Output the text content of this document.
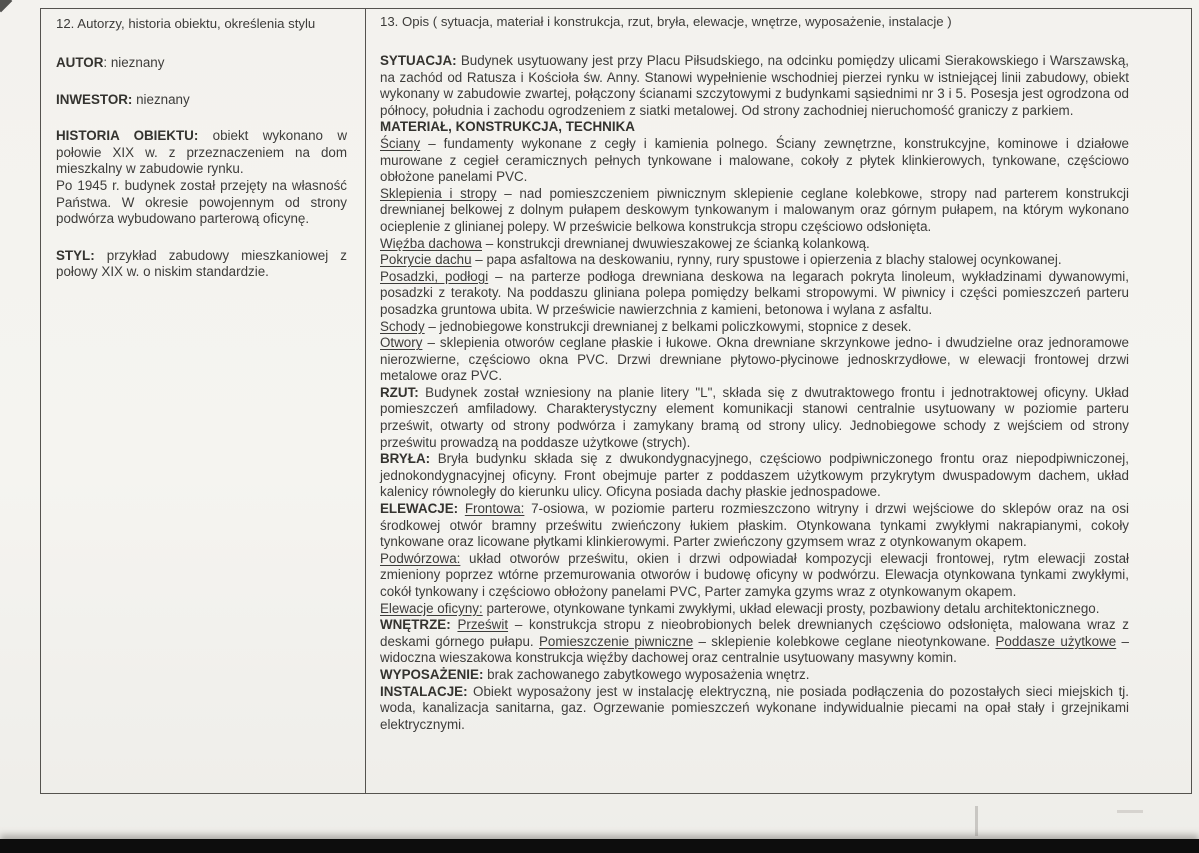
12. Autorzy, historia obiektu, określenia stylu
AUTOR: nieznany
INWESTOR: nieznany
HISTORIA OBIEKTU: obiekt wykonano w połowie XIX w. z przeznaczeniem na dom mieszkalny w zabudowie rynku.
Po 1945 r. budynek został przejęty na własność Państwa. W okresie powojennym od strony podwórza wybudowano parterową oficynę.
STYL: przykład zabudowy mieszkaniowej z połowy XIX w. o niskim standardzie.
13. Opis ( sytuacja, materiał i konstrukcja, rzut, bryła, elewacje, wnętrze, wyposażenie, instalacje )
SYTUACJA: Budynek usytuowany jest przy Placu Piłsudskiego, na odcinku pomiędzy ulicami Sierakowskiego i Warszawską,  na zachód od Ratusza i Kościoła św. Anny. Stanowi wypełnienie wschodniej pierzei rynku w istniejącej linii zabudowy, obiekt wykonany w zabudowie zwartej, połączony ścianami szczytowymi z budynkami sąsiednimi nr 3 i 5. Posesja jest ogrodzona od północy, południa i zachodu ogrodzeniem z siatki metalowej. Od strony zachodniej nieruchomość graniczy z parkiem.
MATERIAŁ, KONSTRUKCJA, TECHNIKA
Ściany – fundamenty wykonane z cegły i kamienia polnego. Ściany zewnętrzne, konstrukcyjne, kominowe i działowe murowane z cegieł ceramicznych pełnych tynkowane i malowane, cokoły z płytek klinkierowych, tynkowane, częściowo obłożone panelami PVC.
Sklepienia i stropy – nad pomieszczeniem piwnicznym sklepienie ceglane kolebkowe, stropy nad parterem konstrukcji drewnianej belkowej z dolnym pułapem deskowym tynkowanym i malowanym oraz górnym pułapem, na którym wykonano ocieplenie z glinianej polepy. W prześwicie belkowa konstrukcja stropu częściowo odsłonięta.
Więźba dachowa – konstrukcji drewnianej dwuwieszakowej ze ścianką kolankową.
Pokrycie dachu – papa asfaltowa na deskowaniu, rynny, rury spustowe i opierzenia z blachy stalowej ocynkowanej.
Posadzki, podłogi – na parterze podłoga drewniana deskowa na legarach pokryta linoleum, wykładzinami dywanowymi, posadzki z terakoty. Na poddaszu gliniana polepa pomiędzy belkami stropowymi. W piwnicy i części pomieszczeń parteru posadzka gruntowa ubita. W prześwicie nawierzchnia z kamieni, betonowa i wylana z asfaltu.
Schody – jednobiegowe konstrukcji drewnianej z belkami policzkowymi, stopnice z desek.
Otwory – sklepienia otworów ceglane płaskie i łukowe. Okna drewniane skrzynkowe jedno- i dwudzielne oraz jednoramowe nierozwierne, częściowo okna PVC. Drzwi drewniane płytowo-płycinowe jednoskrzydłowe, w elewacji frontowej drzwi metalowe oraz PVC.
RZUT: Budynek został wzniesiony na planie litery "L", składa się z dwutraktowego frontu i jednotraktowej oficyny. Układ pomieszczeń amfiladowy. Charakterystyczny element komunikacji stanowi centralnie usytuowany w poziomie parteru prześwit, otwarty od strony podwórza i zamykany bramą od strony ulicy. Jednobiegowe schody z wejściem od strony prześwitu prowadzą na poddasze użytkowe (strych).
BRYŁA: Bryła budynku składa się z dwukondygnacyjnego, częściowo podpiwniczonego frontu oraz niepodpiwniczonej, jednokondygnacyjnej oficyny. Front obejmuje parter z poddaszem użytkowym przykrytym dwuspadowym dachem, układ kalenicy równoległy do kierunku ulicy. Oficyna posiada dachy płaskie jednospadowe.
ELEWACJE: Frontowa: 7-osiowa, w poziomie parteru rozmieszczono witryny i drzwi wejściowe do sklepów oraz na osi środkowej otwór bramny prześwitu zwieńczony łukiem płaskim. Otynkowana tynkami zwykłymi nakrapianymi, cokoły tynkowane oraz licowane płytkami klinkierowymi. Parter zwieńczony gzymsem wraz z otynkowanym okapem.
Podwórzowa: układ otworów prześwitu, okien i drzwi odpowiadał kompozycji elewacji frontowej, rytm elewacji został zmieniony poprzez wtórne przemurowania otworów i budowę oficyny w podwórzu. Elewacja otynkowana tynkami zwykłymi, cokół tynkowany i częściowo obłożony panelami PVC, Parter zamyka gzyms wraz z otynkowanym okapem.
Elewacje oficyny: parterowe, otynkowane tynkami zwykłymi, układ elewacji prosty, pozbawiony detalu architektonicznego.
WNĘTRZE: Prześwit – konstrukcja stropu z nieobrobionych belek drewnianych częściowo odsłonięta, malowana wraz z deskami górnego pułapu. Pomieszczenie piwniczne – sklepienie kolebkowe ceglane nieotynkowane. Poddasze użytkowe – widoczna wieszakowa konstrukcja więźby dachowej oraz centralnie usytuowany masywny komin.
WYPOSAŻENIE: brak zachowanego zabytkowego wyposażenia wnętrz.
INSTALACJE: Obiekt wyposażony jest w instalację elektryczną, nie posiada podłączenia do pozostałych sieci miejskich tj. woda, kanalizacja sanitarna, gaz. Ogrzewanie pomieszczeń wykonane indywidualnie piecami na opał stały i grzejnikami elektrycznymi.
